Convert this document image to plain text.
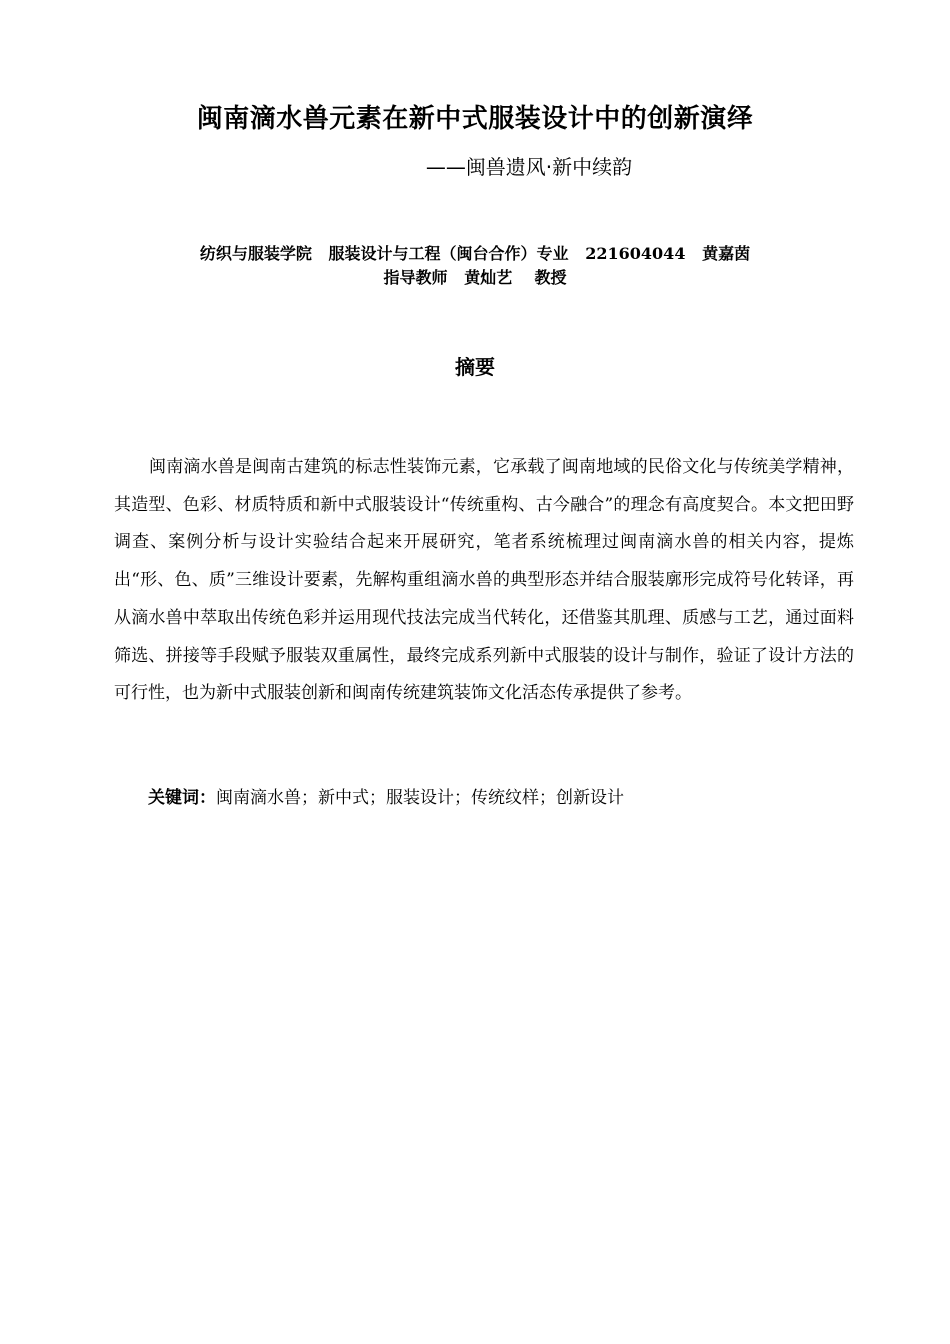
闽南滴水兽元素在新中式服装设计中的创新演绎
——闽兽遗风·新中续韵
纺织与服装学院   服装设计与工程（闽台合作）专业   221604044   黄嘉茵
指导教师   黄灿艺    教授
摘要

闽南滴水兽是闽南古建筑的标志性装饰元素，它承载了闽南地域的民俗文化与传统美学精神，其造型、色彩、材质特质和新中式服装设计“传统重构、古今融合”的理念有高度契合。本文把田野调查、案例分析与设计实验结合起来开展研究，笔者系统梳理过闽南滴水兽的相关内容，提炼出“形、色、质”三维设计要素，先解构重组滴水兽的典型形态并结合服装廓形完成符号化转译，再从滴水兽中萃取出传统色彩并运用现代技法完成当代转化，还借鉴其肌理、质感与工艺，通过面料筛选、拼接等手段赋予服装双重属性，最终完成系列新中式服装的设计与制作，验证了设计方法的可行性，也为新中式服装创新和闽南传统建筑装饰文化活态传承提供了参考。

关键词：闽南滴水兽；新中式；服装设计；传统纹样；创新设计
